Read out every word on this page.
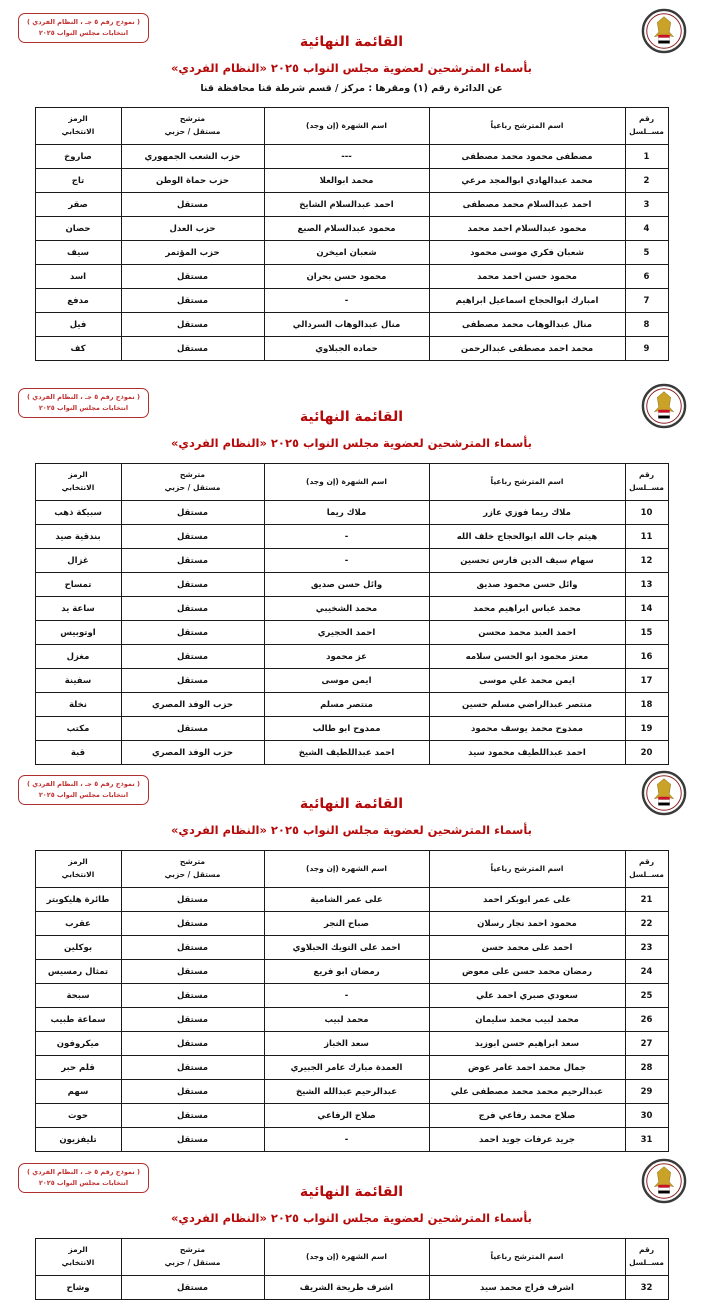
( نموذج رقم ٥ جـ ، النظام الفردي )
انتخابات مجلس النواب ٢٠٢٥
القائمة النهائية
بأسماء المترشحين لعضوية مجلس النواب ٢٠٢٥ «النظام الفردي»
عن الدائرة رقم (١) ومقرها : مركز / قسم شرطة قنا محافظة قنا
رقم
مســلسل
	اسم المترشح رباعياً	اسم الشهرة (إن وجد)	
مترشح
مستقل / حزبي

الرمز
الانتخابي

1	مصطفى محمود محمد مصطفى	---	حزب الشعب الجمهوري	صاروخ
2	محمد عبدالهادي ابوالمجد مرعي	محمد ابوالعلا	حزب حماة الوطن	تاج
3	احمد عبدالسلام محمد مصطفى	احمد عبدالسلام الشايخ	مستقل	صقر
4	محمود عبدالسلام احمد محمد	محمود عبدالسلام الصبع	حزب العدل	حصان
5	شعبان فكري موسى محمود	شعبان اميخرن	حزب المؤتمر	سيف
6	محمود حسن احمد محمد	محمود حسن بحران	مستقل	اسد
7	امبارك ابوالحجاج اسماعيل ابراهيم	-	مستقل	مدفع
8	منال عبدالوهاب محمد مصطفى	منال عبدالوهاب السردالي	مستقل	فيل
9	محمد احمد مصطفى عبدالرحمن	حماده الجبلاوي	مستقل	كف
( نموذج رقم ٥ جـ ، النظام الفردي )
انتخابات مجلس النواب ٢٠٢٥
القائمة النهائية
بأسماء المترشحين لعضوية مجلس النواب ٢٠٢٥ «النظام الفردي»
رقم
مســلسل
	اسم المترشح رباعياً	اسم الشهرة (إن وجد)	
مترشح
مستقل / حزبي

الرمز
الانتخابي

10	ملاك ريما فوزي عازر	ملاك ريما	مستقل	سبيكة ذهب
11	هيثم جاب الله ابوالحجاج خلف الله	-	مستقل	بندقية صيد
12	سهام سيف الدين فارس تحسين	-	مستقل	غزال
13	وائل حسن محمود صديق	وائل حسن صديق	مستقل	تمساح
14	محمد عباس ابراهيم محمد	محمد الشخيبي	مستقل	ساعة يد
15	احمد العبد محمد محسن	احمد الحجيري	مستقل	اوتوبيس
16	معتز محمود ابو الحسن سلامه	عز محمود	مستقل	مغزل
17	ايمن محمد علي موسى	ايمن موسى	مستقل	سفينة
18	منتصر عبدالراضي مسلم حسين	منتصر مسلم	حزب الوفد المصري	نخلة
19	ممدوح محمد يوسف محمود	ممدوح ابو طالب	مستقل	مكتب
20	احمد عبداللطيف محمود سيد	احمد عبداللطيف الشيخ	حزب الوفد المصري	قبة
( نموذج رقم ٥ جـ ، النظام الفردي )
انتخابات مجلس النواب ٢٠٢٥
القائمة النهائية
بأسماء المترشحين لعضوية مجلس النواب ٢٠٢٥ «النظام الفردي»
رقم
مســلسل
	اسم المترشح رباعياً	اسم الشهرة (إن وجد)	
مترشح
مستقل / حزبي

الرمز
الانتخابي

21	على عمر ابوبكر احمد	على عمر الشامية	مستقل	طائرة هليكوبتر
22	محمود احمد نجار رسلان	صباح النجر	مستقل	عقرب
23	احمد على محمد حسن	احمد على التويك الحبلاوي	مستقل	بوكلين
24	رمضان محمد حسن على معوض	رمضان ابو فريع	مستقل	تمثال رمسيس
25	سعودي صبري احمد علي	-	مستقل	سبحة
26	محمد لبيب محمد سليمان	محمد لبيب	مستقل	سماعة طبيب
27	سعد ابراهيم حسن ابوزيد	سعد الخباز	مستقل	ميكروفون
28	جمال محمد احمد عامر عوض	العمدة مبارك عامر الجبيري	مستقل	قلم حبر
29	عبدالرحيم محمد محمد مصطفى علي	عبدالرحيم عبدالله الشيخ	مستقل	سهم
30	صلاح محمد رفاعي فرج	صلاح الرفاعي	مستقل	حوت
31	جريد عرفات جويد احمد	-	مستقل	تليفزيون
( نموذج رقم ٥ جـ ، النظام الفردي )
انتخابات مجلس النواب ٢٠٢٥
القائمة النهائية
بأسماء المترشحين لعضوية مجلس النواب ٢٠٢٥ «النظام الفردي»
رقم
مســلسل
	اسم المترشح رباعياً	اسم الشهرة (إن وجد)	
مترشح
مستقل / حزبي

الرمز
الانتخابي

32	اشرف فراج محمد سيد	اشرف طريحة الشريف	مستقل	وشاح
